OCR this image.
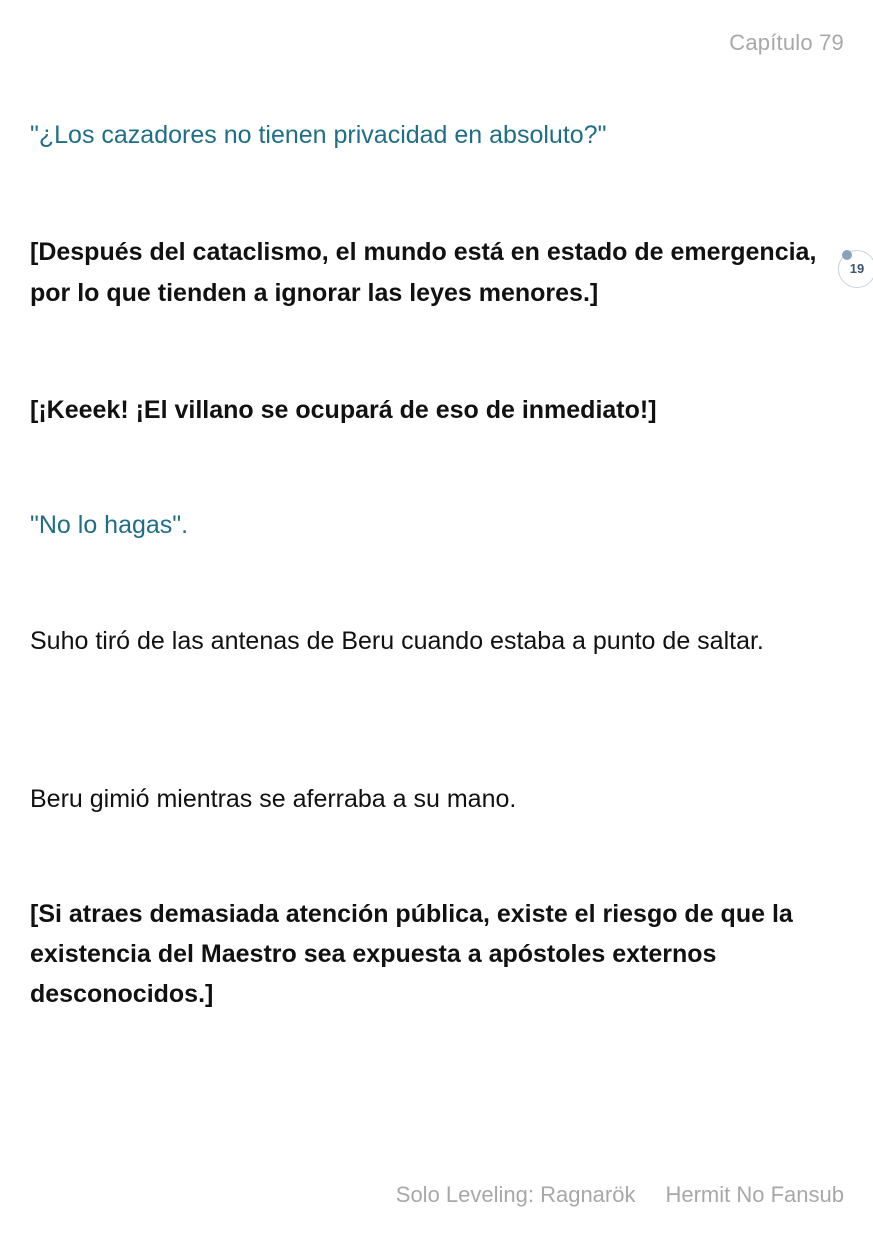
Capítulo 79

"¿Los cazadores no tienen privacidad en absoluto?"

[Después del cataclismo, el mundo está en estado de emergencia, por lo que tienden a ignorar las leyes menores.]

[¡Keeek! ¡El villano se ocupará de eso de inmediato!]

"No lo hagas".

Suho tiró de las antenas de Beru cuando estaba a punto de saltar.

Beru gimió mientras se aferraba a su mano.

[Si atraes demasiada atención pública, existe el riesgo de que la existencia del Maestro sea expuesta a apóstoles externos desconocidos.]

19
Solo Leveling: Ragnarök Hermit No Fansub
